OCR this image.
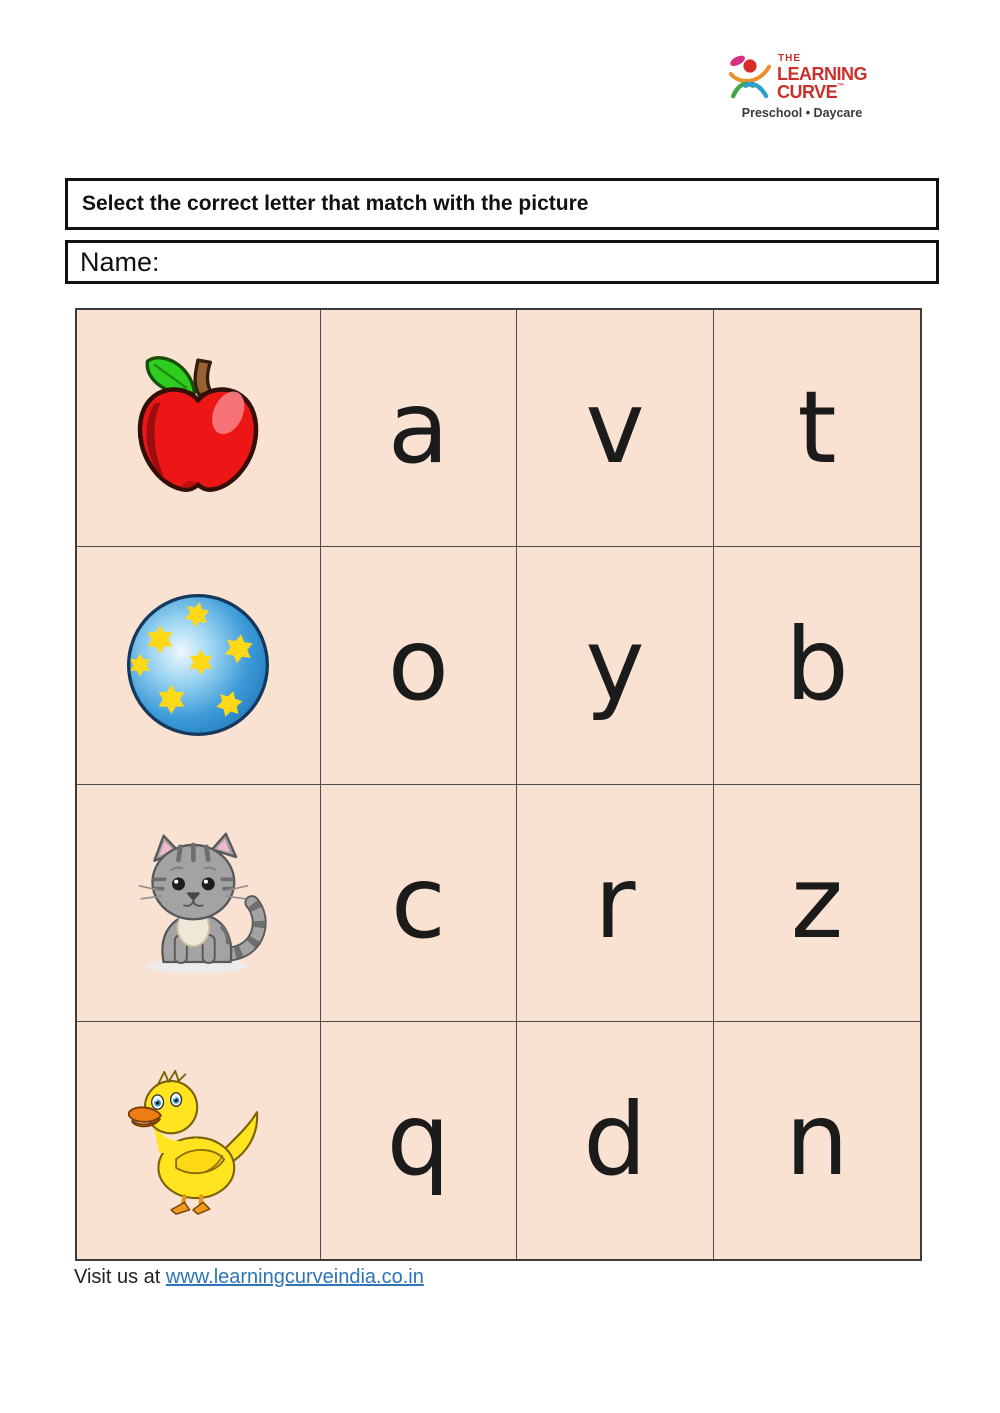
THE
LEARNING
CURVE™
Preschool • Daycare
Select the correct letter that match with the picture
Name:
a v t
o y b
c r z
q d n
Visit us at www.learningcurveindia.co.in
